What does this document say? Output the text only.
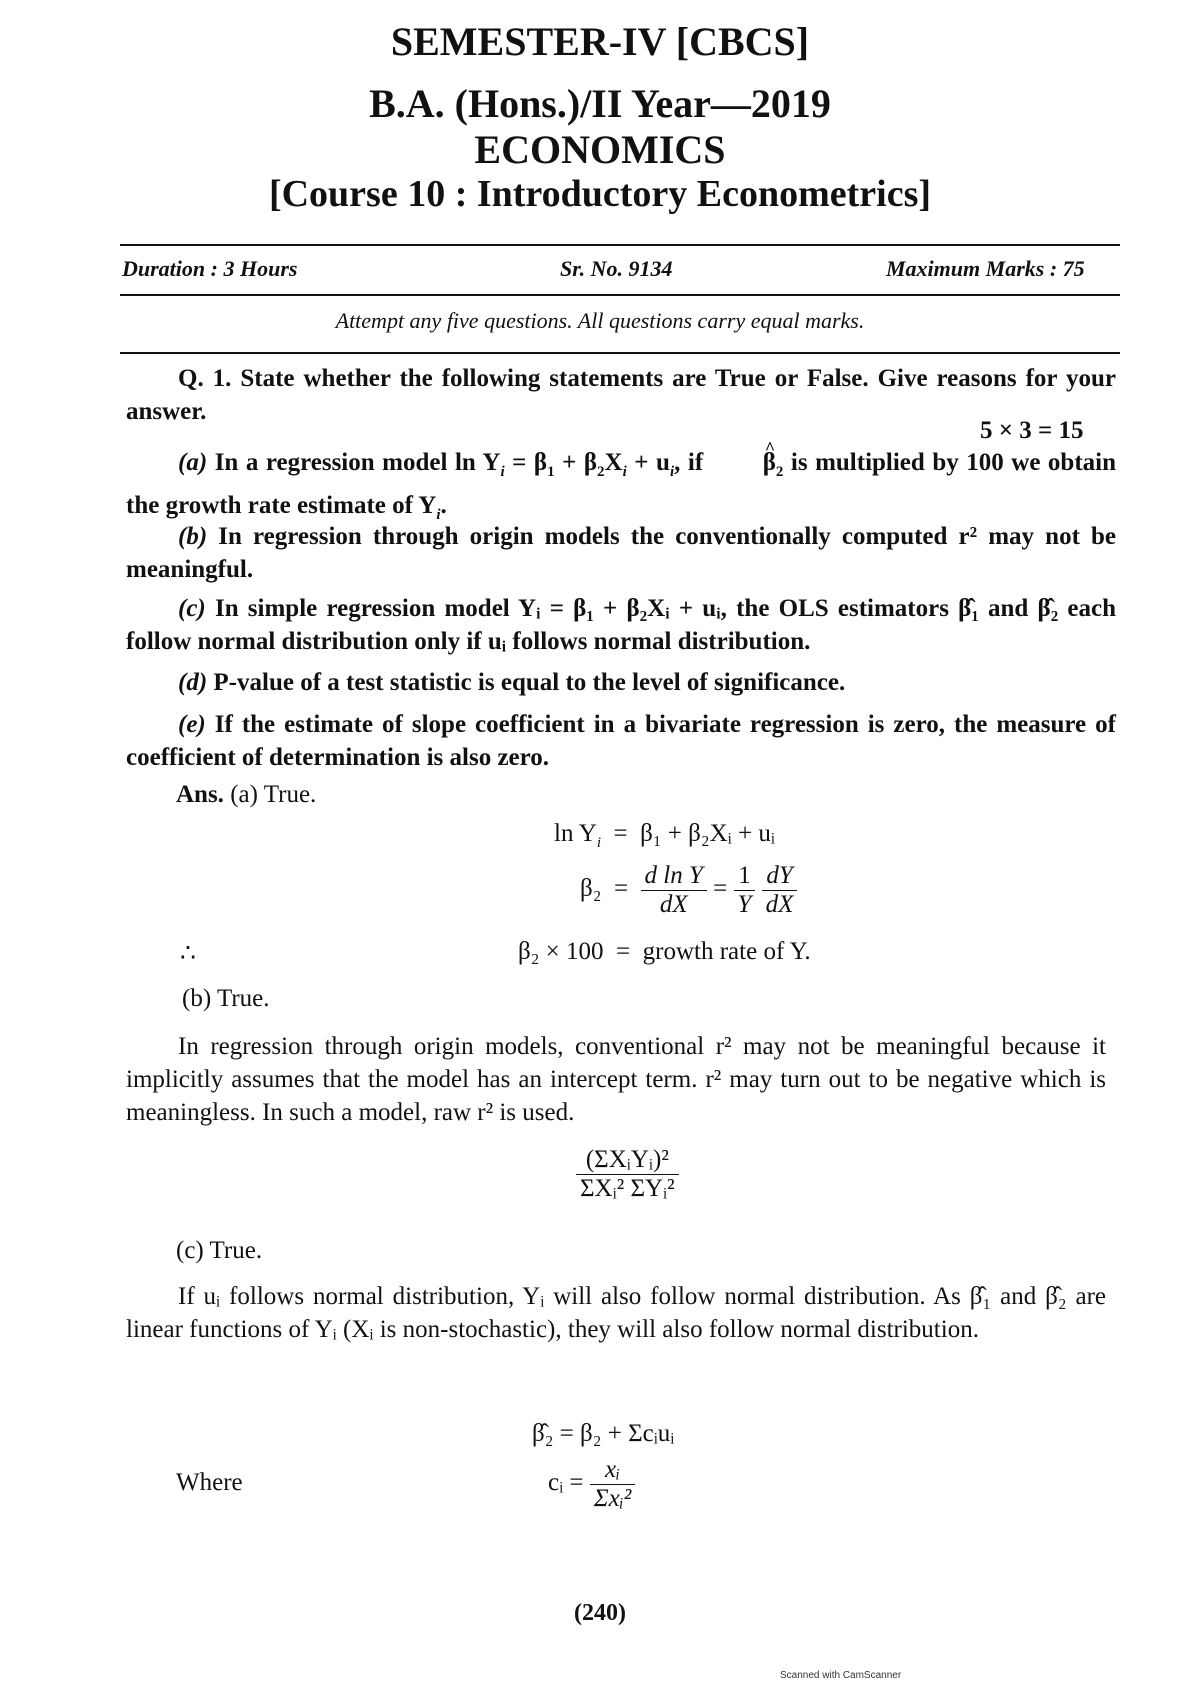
SEMESTER-IV [CBCS]
B.A. (Hons.)/II Year—2019
ECONOMICS
[Course 10 : Introductory Econometrics]
Duration : 3 Hours	Sr. No. 9134	Maximum Marks : 75
Attempt any five questions. All questions carry equal marks.
Q. 1. State whether the following statements are True or False. Give reasons for your answer.
5 × 3 = 15
(a) In a regression model $\ln Y_i = \beta_1 + \beta_2X_i + u_i$, if ^ $\beta_2$ is multiplied by 100 we obtain the growth rate estimate of $Y_i$.
(b) In regression through origin models the conventionally computed r² may not be meaningful.
(c) In simple regression model Yᵢ = β₁ + β₂Xᵢ + uᵢ, the OLS estimators β̂₁ and β̂₂ each follow normal distribution only if uᵢ follows normal distribution.
(d) P-value of a test statistic is equal to the level of significance.
(e) If the estimate of slope coefficient in a bivariate regression is zero, the measure of coefficient of determination is also zero.
Ans. (a) True.
$\ln Y_i = \beta_1$ + β₂Xᵢ + uᵢ
$\beta_2 = \frac{\text{d ln Y}}{dX} = \frac{1}{Y}$
$\frac{dY}{dX}$
∴	β₂ × 100  =  growth rate of Y.
(b) True.
In regression through origin models, conventional r² may not be meaningful because it implicitly assumes that the model has an intercept term. r² may turn out to be negative which is meaningless. In such a model, raw r² is used.
$\frac{\text{(ΣXᵢYᵢ)²}}{\text{ΣXᵢ² ΣYᵢ²}}$
(c) True.
If uᵢ follows normal distribution, Yᵢ will also follow normal distribution. As β̂₁ and β̂₂ are linear functions of Yᵢ (Xᵢ is non-stochastic), they will also follow normal distribution.
β̂₂ = β₂ + Σcᵢuᵢ
Where	cᵢ = $\frac{\text{xᵢ}}{\text{Σxᵢ²}}$
(240)
Scanned with CamScanner
